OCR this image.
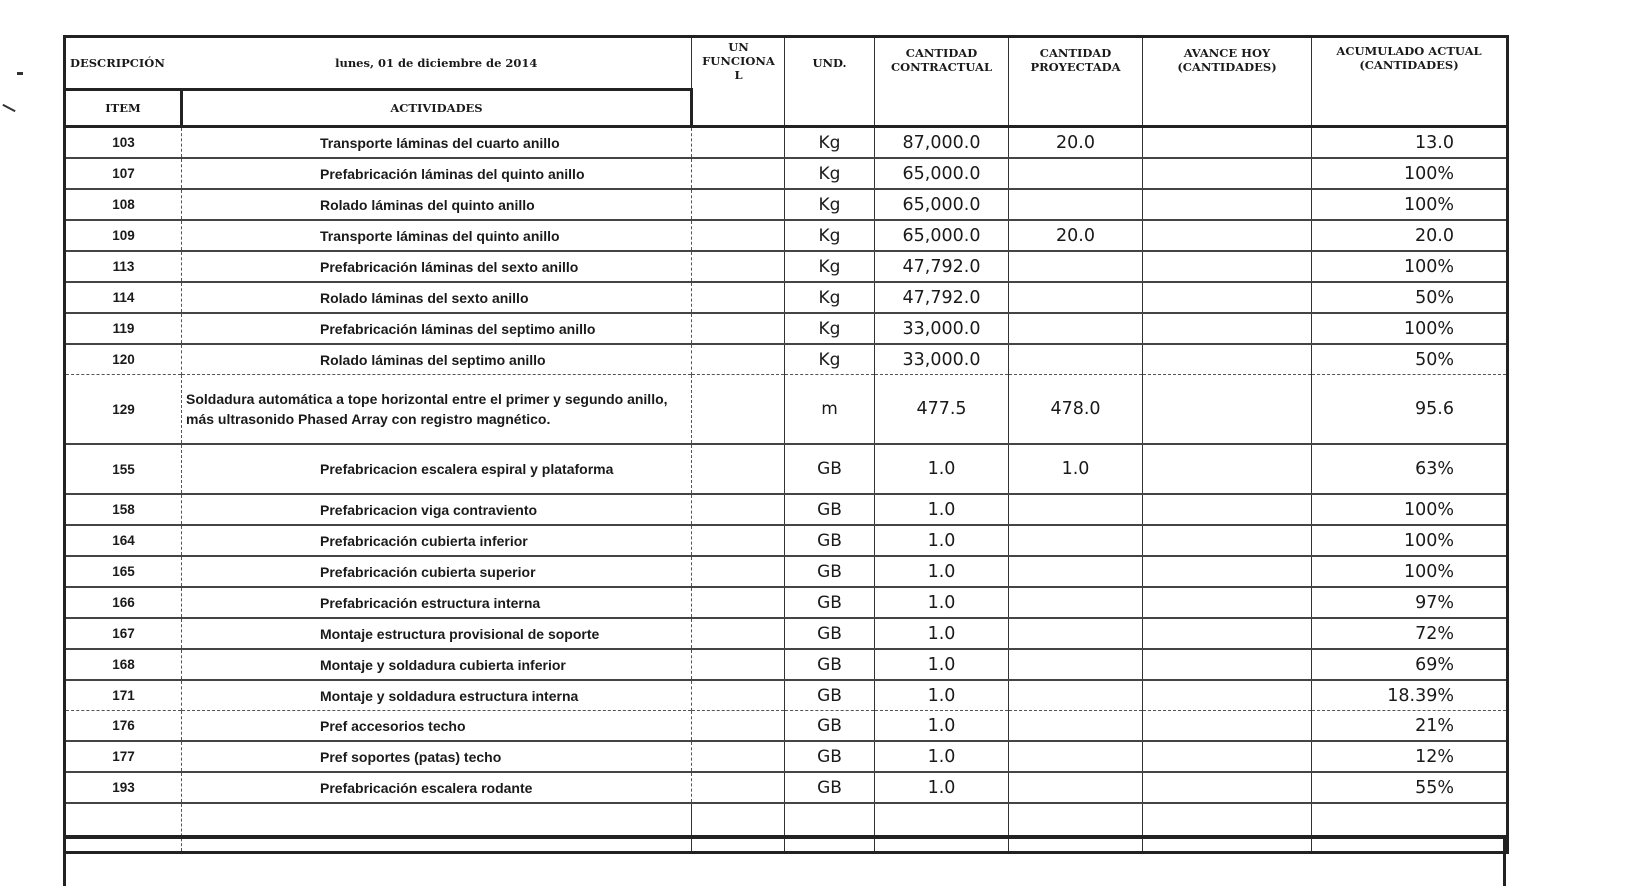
DESCRIPCIÓN	lunes, 01 de diciembre de 2014	UN FUNCIONA L	UND.	CANTIDAD CONTRACTUAL	CANTIDAD PROYECTADA	AVANCE HOY (CANTIDADES)	ACUMULADO ACTUAL (CANTIDADES)
ITEM	ACTIVIDADES						
103	Transporte láminas del cuarto anillo		Kg	87,000.0	20.0		13.0
107	Prefabricación láminas del quinto anillo		Kg	65,000.0			100%
108	Rolado láminas del quinto anillo		Kg	65,000.0			100%
109	Transporte láminas del quinto anillo		Kg	65,000.0	20.0		20.0
113	Prefabricación láminas del sexto anillo		Kg	47,792.0			100%
114	Rolado láminas del sexto anillo		Kg	47,792.0			50%
119	Prefabricación láminas del septimo anillo		Kg	33,000.0			100%
120	Rolado láminas del septimo anillo		Kg	33,000.0			50%
129	Soldadura automática a tope horizontal entre el primer y segundo anillo, más ultrasonido Phased Array con registro magnético.		m	477.5	478.0		95.6
155	Prefabricacion escalera espiral y plataforma		GB	1.0	1.0		63%
158	Prefabricacion viga contraviento		GB	1.0			100%
164	Prefabricación cubierta inferior		GB	1.0			100%
165	Prefabricación cubierta superior		GB	1.0			100%
166	Prefabricación estructura interna		GB	1.0			97%
167	Montaje estructura provisional de soporte		GB	1.0			72%
168	Montaje y soldadura cubierta inferior		GB	1.0			69%
171	Montaje y soldadura estructura interna		GB	1.0			18.39%
176	Pref accesorios techo		GB	1.0			21%
177	Pref soportes (patas) techo		GB	1.0			12%
193	Prefabricación escalera rodante		GB	1.0			55%
